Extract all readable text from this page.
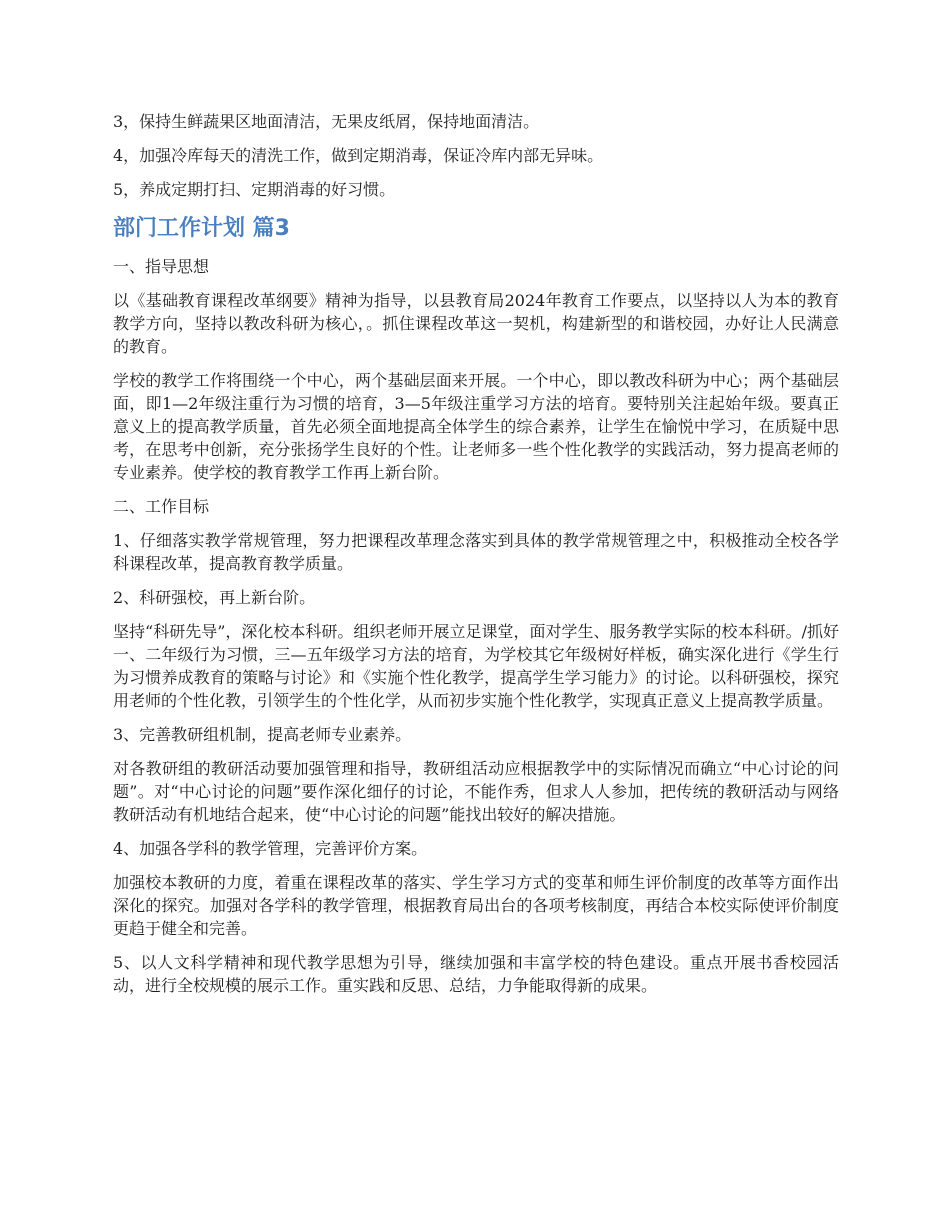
3，保持生鲜蔬果区地面清洁，无果皮纸屑，保持地面清洁。

4，加强冷库每天的清洗工作，做到定期消毒，保证冷库内部无异味。

5，养成定期打扫、定期消毒的好习惯。

部门工作计划 篇3

一、指导思想

以《基础教育课程改革纲要》精神为指导，以县教育局2024年教育工作要点，以坚持以人为本的教育教学方向，坚持以教改科研为核心，。抓住课程改革这一契机，构建新型的和谐校园，办好让人民满意的教育。

学校的教学工作将围绕一个中心，两个基础层面来开展。一个中心，即以教改科研为中心；两个基础层面，即1—2年级注重行为习惯的培育，3—5年级注重学习方法的培育。要特别关注起始年级。要真正意义上的提高教学质量，首先必须全面地提高全体学生的综合素养，让学生在愉悦中学习，在质疑中思考，在思考中创新，充分张扬学生良好的个性。让老师多一些个性化教学的实践活动，努力提高老师的专业素养。使学校的教育教学工作再上新台阶。

二、工作目标

1、仔细落实教学常规管理，努力把课程改革理念落实到具体的教学常规管理之中，积极推动全校各学科课程改革，提高教育教学质量。

2、科研强校，再上新台阶。

坚持“科研先导”，深化校本科研。组织老师开展立足课堂，面对学生、服务教学实际的校本科研。/抓好一、二年级行为习惯，三—五年级学习方法的培育，为学校其它年级树好样板，确实深化进行《学生行为习惯养成教育的策略与讨论》和《实施个性化教学，提高学生学习能力》的讨论。以科研强校，探究用老师的个性化教，引领学生的个性化学，从而初步实施个性化教学，实现真正意义上提高教学质量。

3、完善教研组机制，提高老师专业素养。

对各教研组的教研活动要加强管理和指导，教研组活动应根据教学中的实际情况而确立“中心讨论的问题”。对“中心讨论的问题”要作深化细仔的讨论，不能作秀，但求人人参加，把传统的教研活动与网络教研活动有机地结合起来，使“中心讨论的问题”能找出较好的解决措施。

4、加强各学科的教学管理，完善评价方案。

加强校本教研的力度，着重在课程改革的落实、学生学习方式的变革和师生评价制度的改革等方面作出深化的探究。加强对各学科的教学管理，根据教育局出台的各项考核制度，再结合本校实际使评价制度更趋于健全和完善。

5、以人文科学精神和现代教学思想为引导，继续加强和丰富学校的特色建设。重点开展书香校园活动，进行全校规模的展示工作。重实践和反思、总结，力争能取得新的成果。
